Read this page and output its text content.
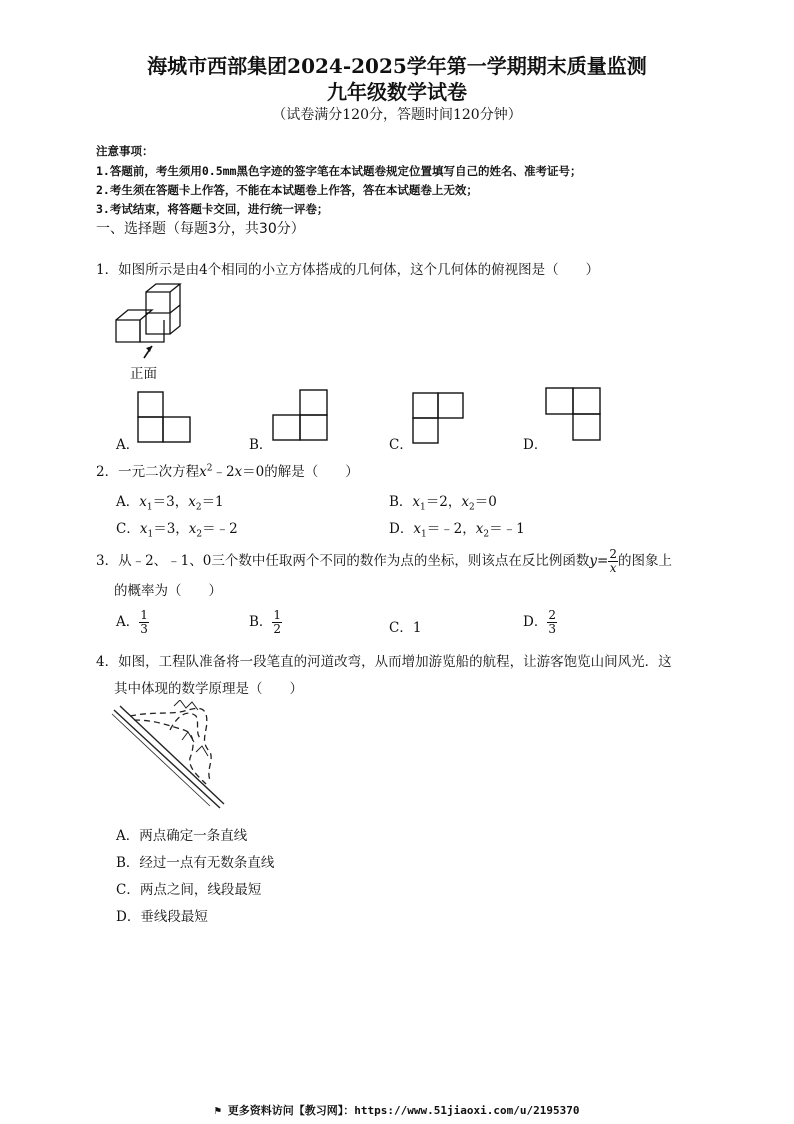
海城市西部集团2024-2025学年第一学期期末质量监测
九年级数学试卷
（试卷满分120分，答题时间120分钟）
注意事项：
1.答题前，考生须用0.5mm黑色字迹的签字笔在本试题卷规定位置填写自己的姓名、准考证号；
2.考生须在答题卡上作答，不能在本试题卷上作答，答在本试题卷上无效；
3.考试结束，将答题卡交回，进行统一评卷；
一、选择题（每题3分，共30分）
1．如图所示是由4个相同的小立方体搭成的几何体，这个几何体的俯视图是（　　）
正面
A．	B．	C．	D．
2．一元二次方程$x^2﹣2x=0$的解是（　　）
A．$x_1=3$，$x_2=1$	B．$x_1=2$，$x_2=0$
C．$x_1=3$，$x_2=﹣2$	D．$x_1=﹣2$，$x_2=﹣1$
3．从﹣2、﹣1、0三个数中任取两个不同的数作为点的坐标，则该点在反比例函数$y= \frac{2}{x}$ 的图象上
的概率为（　　）
A． $\frac{1}{3}$	B． $\frac{1}{2}$	C．1	D． $\frac{2}{3}$
4．如图，工程队准备将一段笔直的河道改弯，从而增加游览船的航程，让游客饱览山间风光．这
其中体现的数学原理是（　　）
A．两点确定一条直线
B．经过一点有无数条直线
C．两点之间，线段最短
D．垂线段最短
⚑ 更多资料访问【教习网】：https://www.51jiaoxi.com/u/2195370
